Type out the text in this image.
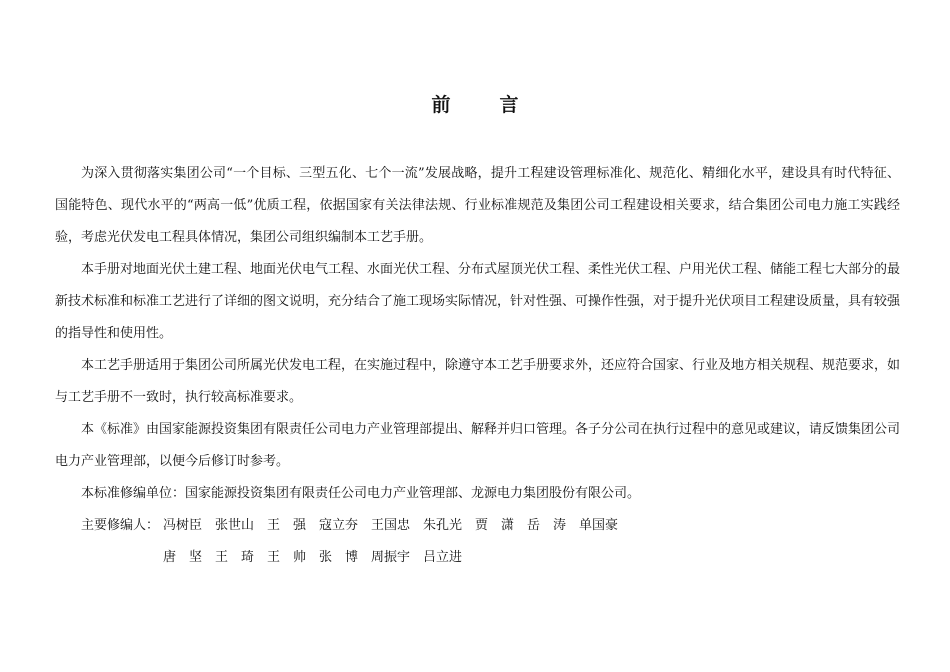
前　言

为深入贯彻落实集团公司“一个目标、三型五化、七个一流”发展战略，提升工程建设管理标准化、规范化、精细化水平，建设具有时代特征、国能特色、现代水平的“两高一低”优质工程，依据国家有关法律法规、行业标准规范及集团公司工程建设相关要求，结合集团公司电力施工实践经验，考虑光伏发电工程具体情况，集团公司组织编制本工艺手册。

本手册对地面光伏土建工程、地面光伏电气工程、水面光伏工程、分布式屋顶光伏工程、柔性光伏工程、户用光伏工程、储能工程七大部分的最新技术标准和标准工艺进行了详细的图文说明，充分结合了施工现场实际情况，针对性强、可操作性强，对于提升光伏项目工程建设质量，具有较强的指导性和使用性。

本工艺手册适用于集团公司所属光伏发电工程，在实施过程中，除遵守本工艺手册要求外，还应符合国家、行业及地方相关规程、规范要求，如与工艺手册不一致时，执行较高标准要求。

本《标准》由国家能源投资集团有限责任公司电力产业管理部提出、解释并归口管理。各子分公司在执行过程中的意见或建议，请反馈集团公司电力产业管理部，以便今后修订时参考。

本标准修编单位：国家能源投资集团有限责任公司电力产业管理部、龙源电力集团股份有限公司。

主要修编人： 冯树臣　张世山　王　强　寇立夯　王国忠　朱孔光　贾　潇　岳　涛　单国豪
唐　坚　王　琦　王　帅　张　博　周振宇　吕立进
